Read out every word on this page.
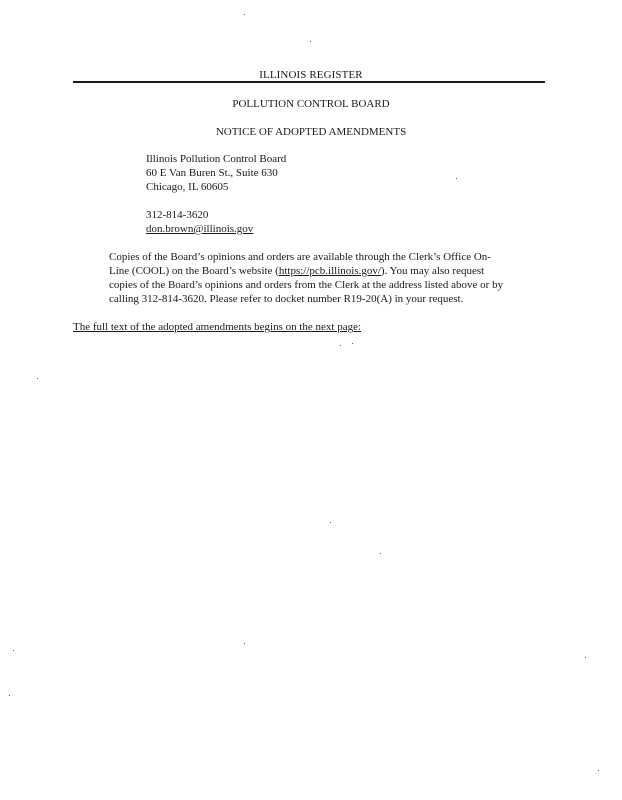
ILLINOIS REGISTER
POLLUTION CONTROL BOARD
NOTICE OF ADOPTED AMENDMENTS
Illinois Pollution Control Board
60 E Van Buren St., Suite 630
Chicago, IL 60605
312-814-3620
don.brown@illinois.gov
Copies of the Board’s opinions and orders are available through the Clerk’s Office On-
Line (COOL) on the Board’s website (https://pcb.illinois.gov/). You may also request
copies of the Board’s opinions and orders from the Clerk at the address listed above or by
calling 312-814-3620. Please refer to docket number R19-20(A) in your request.
The full text of the adopted amendments begins on the next page:
